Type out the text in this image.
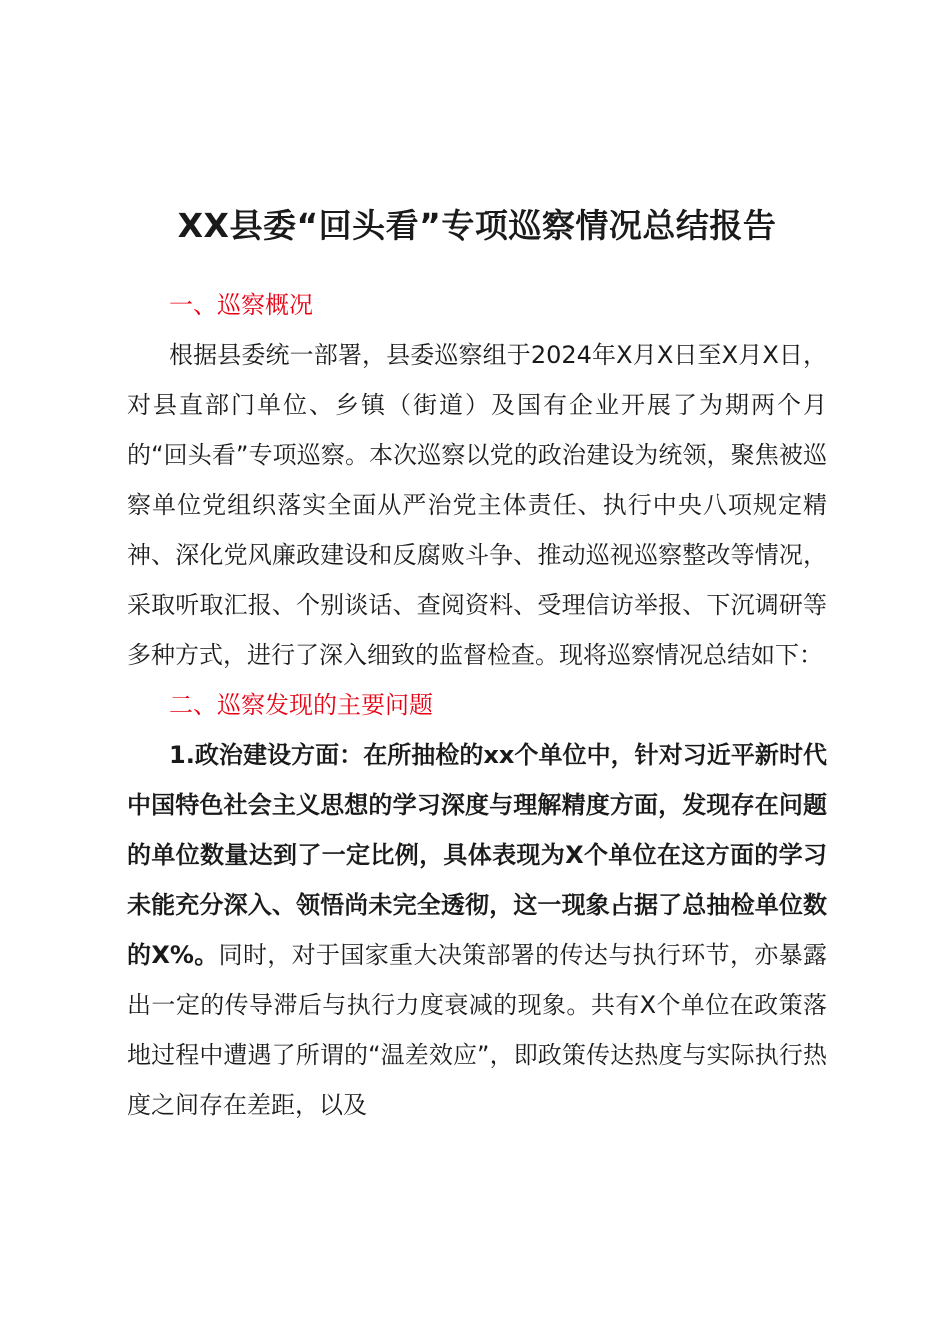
XX县委“回头看”专项巡察情况总结报告

一、巡察概况

根据县委统一部署，县委巡察组于2024年X月X日至X月X日，对县直部门单位、乡镇（街道）及国有企业开展了为期两个月的“回头看”专项巡察。本次巡察以党的政治建设为统领，聚焦被巡察单位党组织落实全面从严治党主体责任、执行中央八项规定精神、深化党风廉政建设和反腐败斗争、推动巡视巡察整改等情况，采取听取汇报、个别谈话、查阅资料、受理信访举报、下沉调研等多种方式，进行了深入细致的监督检查。现将巡察情况总结如下：

二、巡察发现的主要问题

1.政治建设方面：在所抽检的xx个单位中，针对习近平新时代中国特色社会主义思想的学习深度与理解精度方面，发现存在问题的单位数量达到了一定比例，具体表现为X个单位在这方面的学习未能充分深入、领悟尚未完全透彻，这一现象占据了总抽检单位数的X%。同时，对于国家重大决策部署的传达与执行环节，亦暴露出一定的传导滞后与执行力度衰减的现象。共有X个单位在政策落地过程中遭遇了所谓的“温差效应”，即政策传达热度与实际执行热度之间存在差距，以及
